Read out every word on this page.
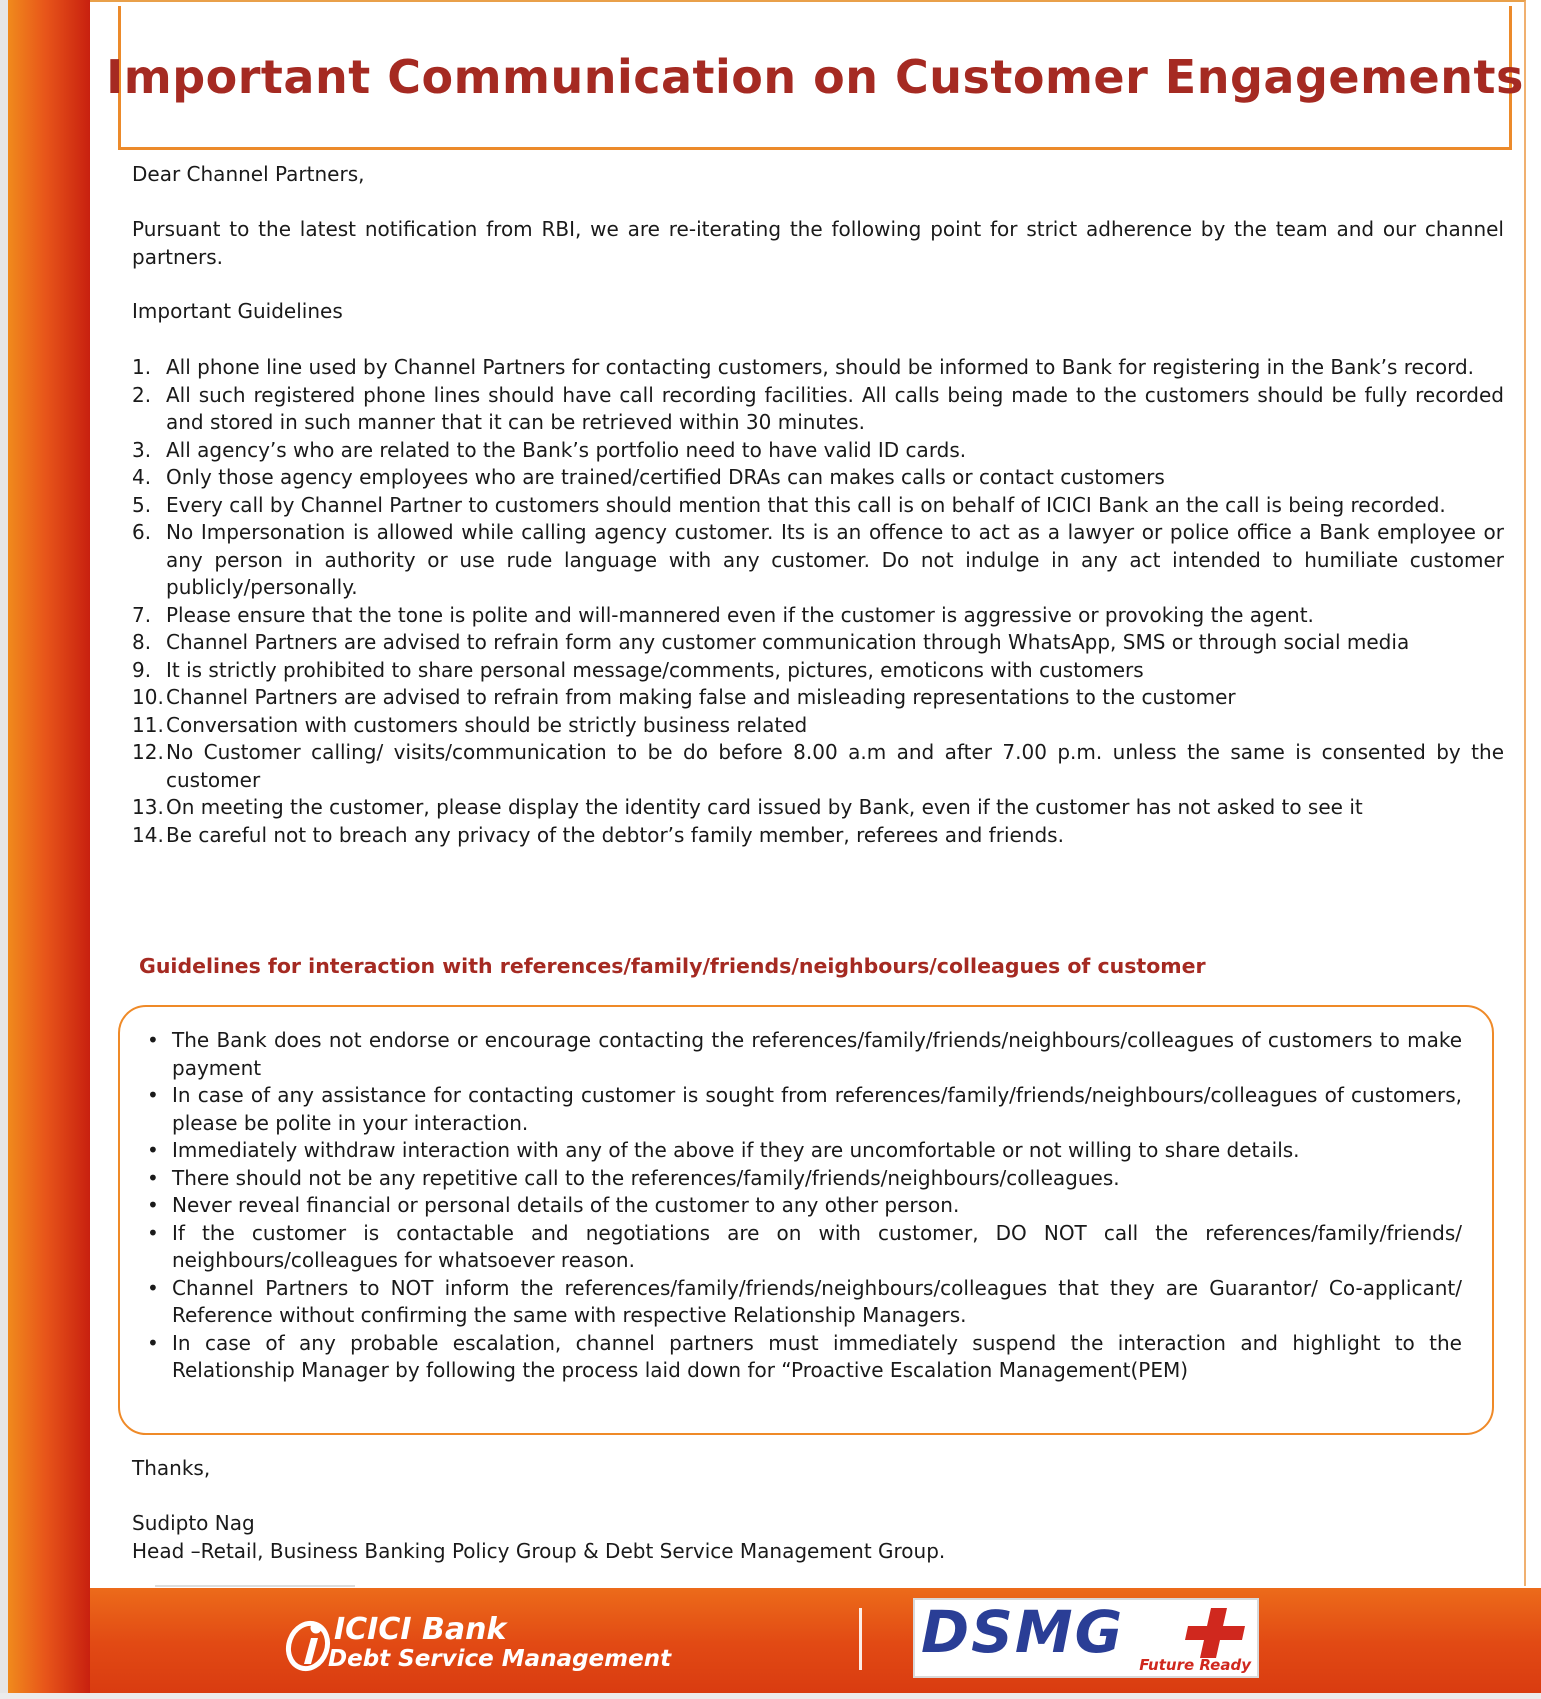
Important Communication on Customer Engagements

Dear Channel Partners,

Pursuant to the latest notification from RBI, we are re-iterating the following point for strict adherence by the team and our channel partners.

Important Guidelines

1. All phone line used by Channel Partners for contacting customers, should be informed to Bank for registering in the Bank’s record.
2. All such registered phone lines should have call recording facilities. All calls being made to the customers should be fully recorded and stored in such manner that it can be retrieved within 30 minutes.
3. All agency’s who are related to the Bank’s portfolio need to have valid ID cards.
4. Only those agency employees who are trained/certified DRAs can makes calls or contact customers
5. Every call by Channel Partner to customers should mention that this call is on behalf of ICICI Bank an the call is being recorded.
6. No Impersonation is allowed while calling agency customer. Its is an offence to act as a lawyer or police office a Bank employee or any person in authority or use rude language with any customer. Do not indulge in any act intended to humiliate customer publicly/personally.
7. Please ensure that the tone is polite and will-mannered even if the customer is aggressive or provoking the agent.
8. Channel Partners are advised to refrain form any customer communication through WhatsApp, SMS or through social media
9. It is strictly prohibited to share personal message/comments, pictures, emoticons with customers
10. Channel Partners are advised to refrain from making false and misleading representations to the customer
11. Conversation with customers should be strictly business related
12. No Customer calling/ visits/communication to be do before 8.00 a.m and after 7.00 p.m. unless the same is consented by the customer
13. On meeting the customer, please display the identity card issued by Bank, even if the customer has not asked to see it
14. Be careful not to breach any privacy of the debtor’s family member, referees and friends.

Guidelines for interaction with references/family/friends/neighbours/colleagues of customer

• The Bank does not endorse or encourage contacting the references/family/friends/neighbours/colleagues of customers to make payment
• In case of any assistance for contacting customer is sought from references/family/friends/neighbours/colleagues of customers, please be polite in your interaction.
• Immediately withdraw interaction with any of the above if they are uncomfortable or not willing to share details.
• There should not be any repetitive call to the references/family/friends/neighbours/colleagues.
• Never reveal financial or personal details of the customer to any other person.
• If the customer is contactable and negotiations are on with customer, DO NOT call the references/family/friends/ neighbours/colleagues for whatsoever reason.
• Channel Partners to NOT inform the references/family/friends/neighbours/colleagues that they are Guarantor/ Co-applicant/ Reference without confirming the same with respective Relationship Managers.
• In case of any probable escalation, channel partners must immediately suspend the interaction and highlight to the Relationship Manager by following the process laid down for “Proactive Escalation Management(PEM)

Thanks,

Sudipto Nag

Head –Retail, Business Banking Policy Group & Debt Service Management Group.

ICICI Bank
Debt Service Management	DSMG Future Ready
